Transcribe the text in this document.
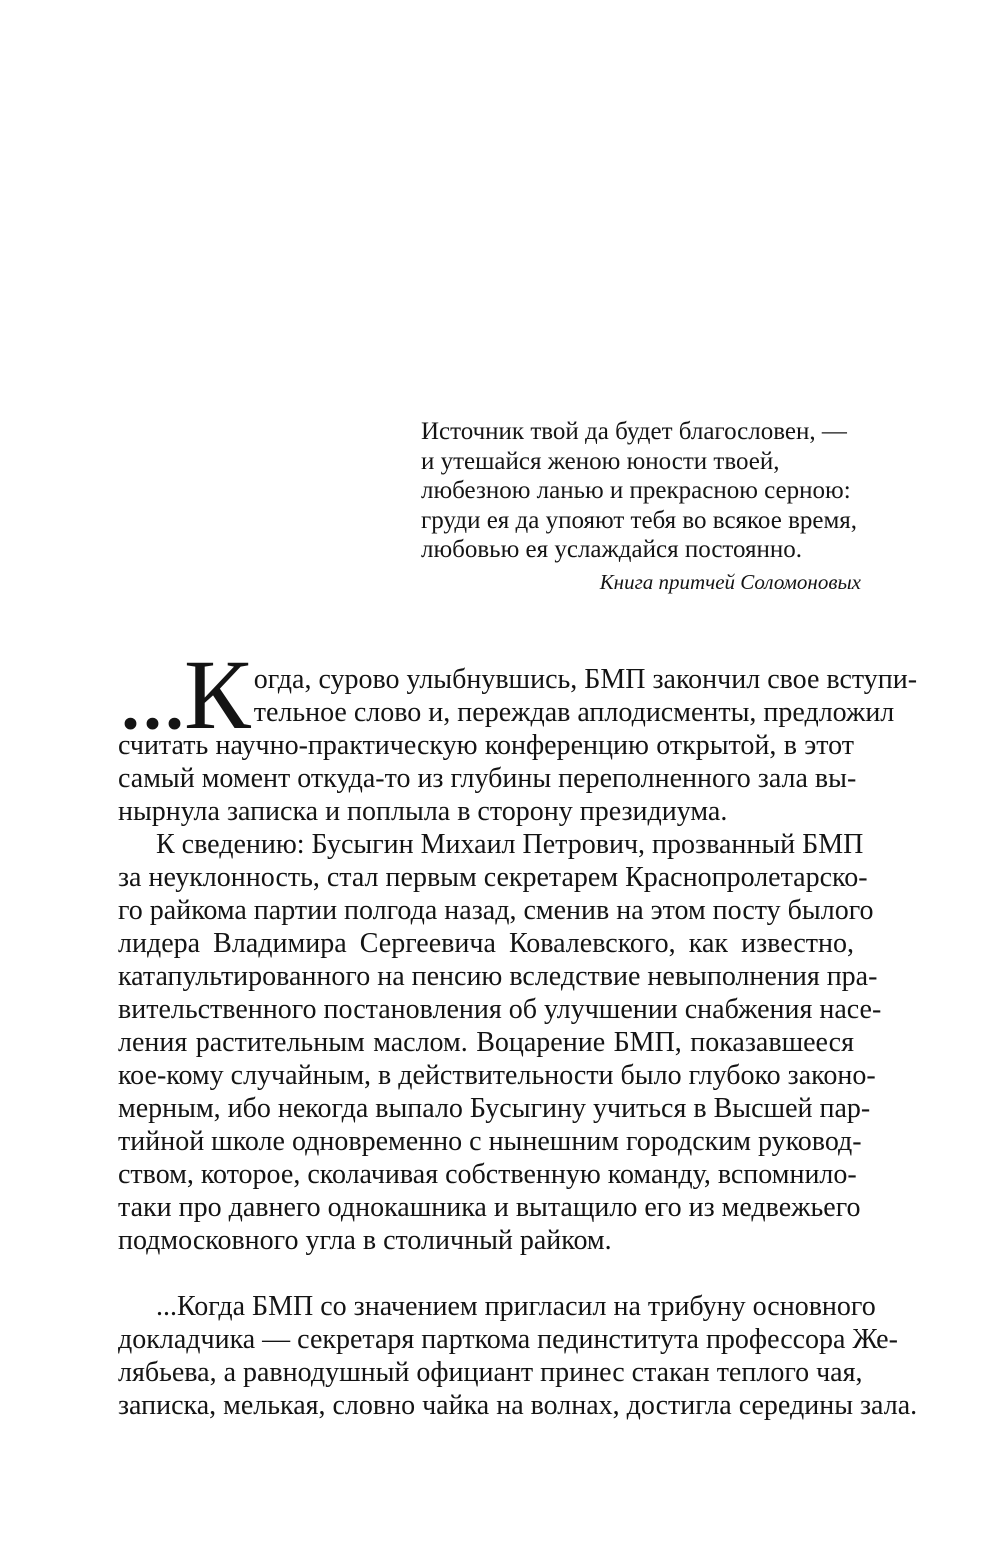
Источник твой да будет благословен, —
и утешайся женою юности твоей,
любезною ланью и прекрасною серною:
груди ея да упояют тебя во всякое время,
любовью ея услаждайся постоянно.
Книга притчей Соломоновых
...К огда, сурово улыбнувшись, БМП закончил свое вступи-
тельное слово и, переждав аплодисменты, предложил
считать научно-практическую конференцию открытой, в этот
самый момент откуда-то из глубины переполненного зала вы-
нырнула записка и поплыла в сторону президиума.
К сведению: Бусыгин Михаил Петрович, прозванный БМП
за неуклонность, стал первым секретарем Краснопролетарско-
го райкома партии полгода назад, сменив на этом посту былого
лидера Владимира Сергеевича Ковалевского, как известно,
катапультированного на пенсию вследствие невыполнения пра-
вительственного постановления об улучшении снабжения насе-
ления растительным маслом. Воцарение БМП, показавшееся
кое-кому случайным, в действительности было глубоко законо-
мерным, ибо некогда выпало Бусыгину учиться в Высшей пар-
тийной школе одновременно с нынешним городским руковод-
ством, которое, сколачивая собственную команду, вспомнило-
таки про давнего однокашника и вытащило его из медвежьего
подмосковного угла в столичный райком.
...Когда БМП со значением пригласил на трибуну основного
докладчика — секретаря парткома пединститута профессора Же-
лябьева, а равнодушный официант принес стакан теплого чая,
записка, мелькая, словно чайка на волнах, достигла середины зала.
